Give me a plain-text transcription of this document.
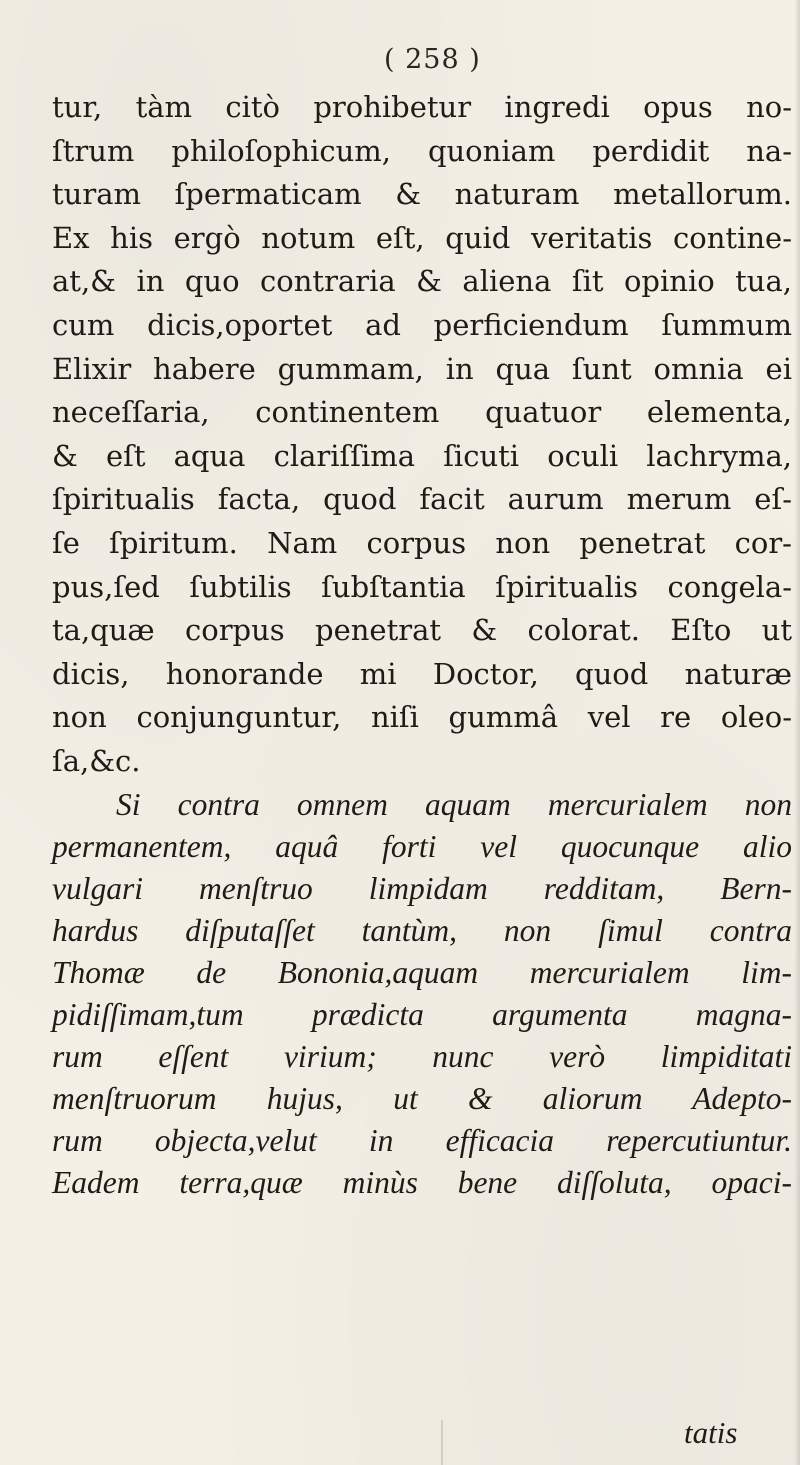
( 258 )
tur, tàm citò prohibetur ingredi opus no-
ſtrum philoſophicum, quoniam perdidit na-
turam ſpermaticam & naturam metallorum.
Ex his ergò notum eſt, quid veritatis contine-
at,& in quo contraria & aliena ſit opinio tua,
cum dicis,oportet ad perficiendum ſummum
Elixir habere gummam, in qua ſunt omnia ei
neceſſaria, continentem quatuor elementa,
& eſt aqua clariſſima ſicuti oculi lachryma,
ſpiritualis facta, quod facit aurum merum eſ-
ſe ſpiritum. Nam corpus non penetrat cor-
pus,ſed ſubtilis ſubſtantia ſpiritualis congela-
ta,quæ corpus penetrat & colorat. Eſto ut
dicis, honorande mi Doctor, quod naturæ
non conjunguntur, niſi gummâ vel re oleo-
ſa,&c.
Si contra omnem aquam mercurialem non
permanentem, aquâ forti vel quocunque alio
vulgari menſtruo limpidam redditam, Bern-
hardus diſputaſſet tantùm, non ſimul contra
Thomæ de Bononia,aquam mercurialem lim-
pidiſſimam,tum prædicta argumenta magna-
rum eſſent virium; nunc verò limpiditati
menſtruorum hujus, ut & aliorum Adepto-
rum objecta,velut in efficacia repercutiuntur.
Eadem terra,quæ minùs bene diſſoluta, opaci-
tatis
